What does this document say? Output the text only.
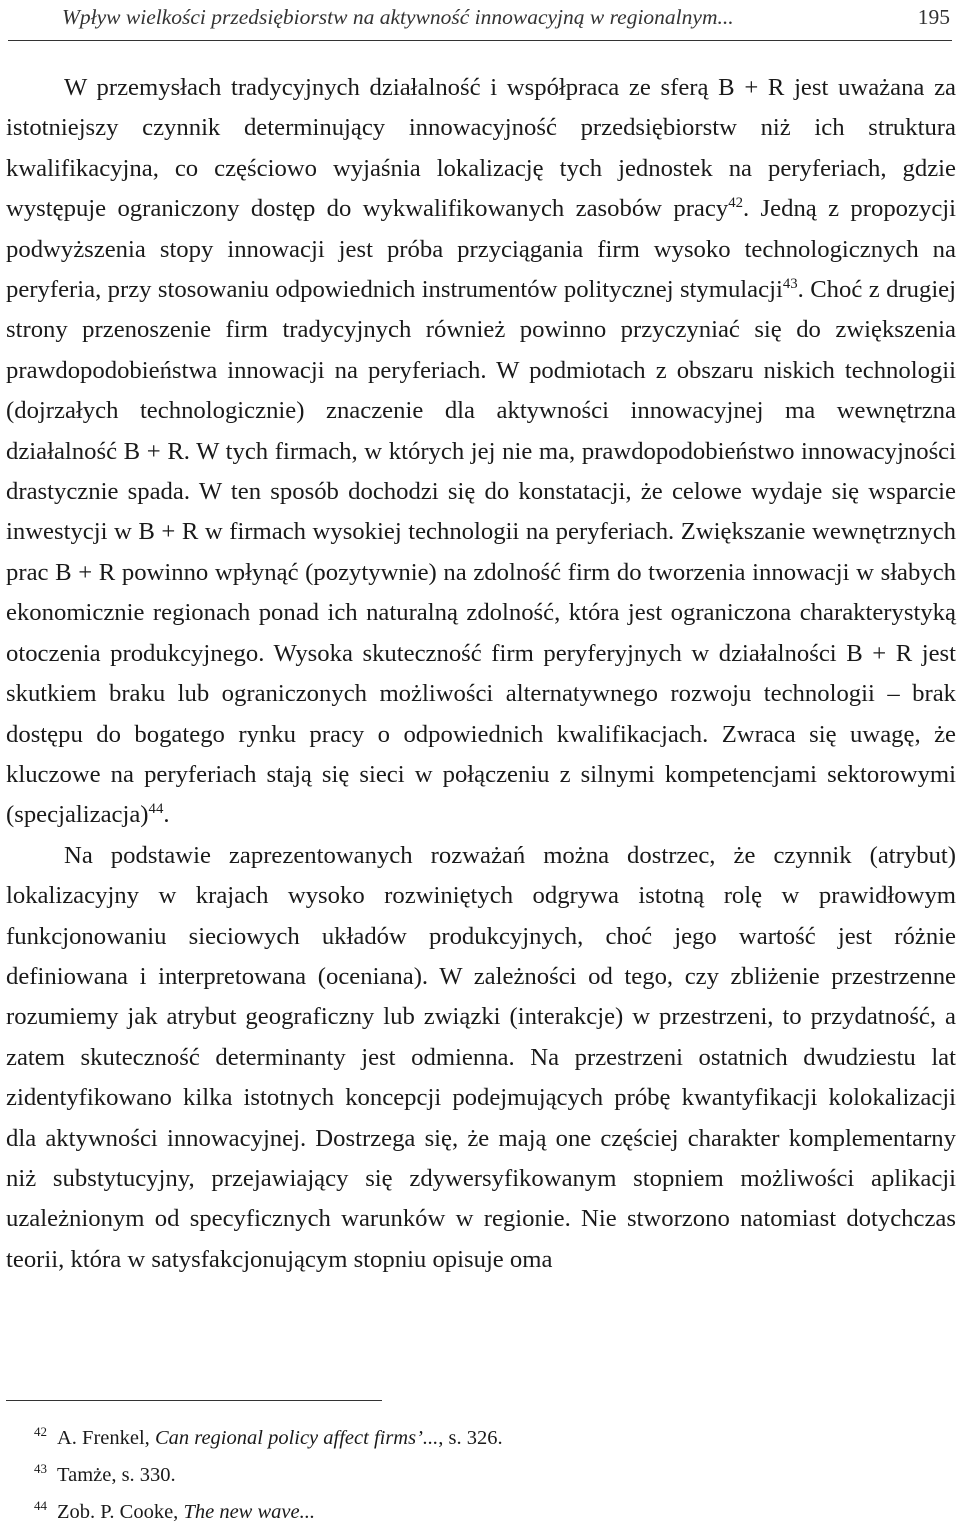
Wpływ wielkości przedsiębiorstw na aktywność innowacyjną w regionalnym...	195

W przemysłach tradycyjnych działalność i współpraca ze sferą B + R jest uważana za istotniejszy czynnik determinujący innowacyjność przedsiębiorstw niż ich struktura kwalifikacyjna, co częściowo wyjaśnia lokalizację tych jednostek na peryferiach, gdzie występuje ograniczony dostęp do wykwalifikowanych zasobów pracy$^{42}$. Jedną z propozycji podwyższenia stopy innowacji jest próba przyciągania firm wysoko technologicznych na peryferia, przy stosowaniu odpowiednich instrumentów politycznej stymulacji$^{43}$. Choć z drugiej strony przenoszenie firm tradycyjnych również powinno przyczyniać się do zwiększenia prawdopodobieństwa innowacji na peryferiach. W podmiotach z obszaru niskich technologii (dojrzałych technologicznie) znaczenie dla aktywności innowacyjnej ma wewnętrzna działalność B + R. W tych firmach, w których jej nie ma, prawdopodobieństwo innowacyjności drastycznie spada. W ten sposób dochodzi się do konstatacji, że celowe wydaje się wsparcie inwestycji w B + R w firmach wysokiej technologii na peryferiach. Zwiększanie wewnętrznych prac B + R powinno wpłynąć (pozytywnie) na zdolność firm do tworzenia innowacji w słabych ekonomicznie regionach ponad ich naturalną zdolność, która jest ograniczona charakterystyką otoczenia produkcyjnego. Wysoka skuteczność firm peryferyjnych w działalności B + R jest skutkiem braku lub ograniczonych możliwości alternatywnego rozwoju technologii – brak dostępu do bogatego rynku pracy o odpowiednich kwalifikacjach. Zwraca się uwagę, że kluczowe na peryferiach stają się sieci w połączeniu z silnymi kompetencjami sektorowymi (specjalizacja)$^{44}$.

Na podstawie zaprezentowanych rozważań można dostrzec, że czynnik (atrybut) lokalizacyjny w krajach wysoko rozwiniętych odgrywa istotną rolę w prawidłowym funkcjonowaniu sieciowych układów produkcyjnych, choć jego wartość jest różnie definiowana i interpretowana (oceniana). W zależności od tego, czy zbliżenie przestrzenne rozumiemy jak atrybut geograficzny lub związki (interakcje) w przestrzeni, to przydatność, a zatem skuteczność determinanty jest odmienna. Na przestrzeni ostatnich dwudziestu lat zidentyfikowano kilka istotnych koncepcji podejmujących próbę kwantyfikacji kolokalizacji dla aktywności innowacyjnej. Dostrzega się, że mają one częściej charakter komplementarny niż substytucyjny, przejawiający się zdywersyfikowanym stopniem możliwości aplikacji uzależnionym od specyficznych warunków w regionie. Nie stworzono natomiast dotychczas teorii, która w satysfakcjonującym stopniu opisuje oma

42 A. Frenkel, Can regional policy affect firms’..., s. 326.
43 Tamże, s. 330.
44 Zob. P. Cooke, The new wave...
